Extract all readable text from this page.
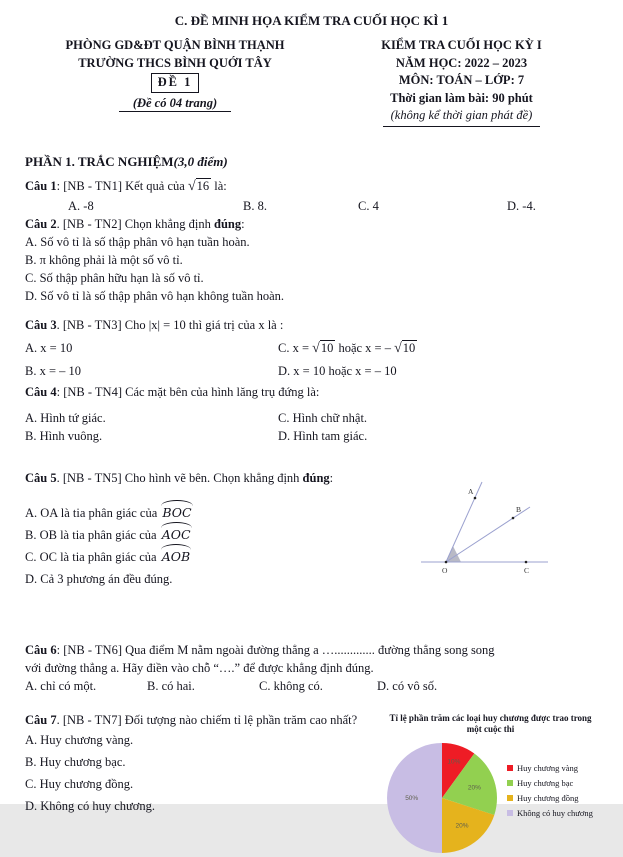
C. ĐỀ MINH HỌA KIỂM TRA CUỐI HỌC KÌ 1
PHÒNG GD&ĐT QUẬN BÌNH THẠNH
TRƯỜNG THCS BÌNH QUỚI TÂY
ĐỀ 1
(Đề có 04 trang)
KIỂM TRA CUỐI HỌC KỲ I
NĂM HỌC: 2022 – 2023
MÔN: TOÁN – LỚP: 7
Thời gian làm bài: 90 phút
(không kể thời gian phát đề)
PHẦN 1. TRẮC NGHIỆM(3,0 điểm)
Câu 1: [NB - TN1] Kết quả của √16 là:
A. -8	B. 8.	C. 4	D. -4.
Câu 2. [NB - TN2] Chọn khẳng định đúng:
A. Số vô tỉ là số thập phân vô hạn tuần hoàn.
B. π không phải là một số vô tỉ.
C. Số thập phân hữu hạn là số vô tỉ.
D. Số vô tỉ là số thập phân vô hạn không tuần hoàn.
Câu 3. [NB - TN3] Cho |x| = 10 thì giá trị của x là :
A. x = 10	C. x = √10 hoặc x = – √10
B. x = – 10	D. x = 10 hoặc x = – 10
Câu 4: [NB - TN4] Các mặt bên của hình lăng trụ đứng là:
A. Hình tứ giác.	C. Hình chữ nhật.
B. Hình vuông.	D. Hình tam giác.
Câu 5. [NB - TN5] Cho hình vẽ bên. Chọn khẳng định đúng:
A. OA là tia phân giác của BOC
B. OB là tia phân giác của AOC
C. OC là tia phân giác của AOB
D. Cả 3 phương án đều đúng.
A
B
O	C
Câu 6: [NB - TN6] Qua điểm M nằm ngoài đường thẳng a …............. đường thẳng song song
với đường thẳng a. Hãy điền vào chỗ “….” để được khẳng định đúng.
A. chỉ có một.	B. có hai.	C. không có.	D. có vô số.
Câu 7. [NB - TN7] Đối tượng nào chiếm tỉ lệ phần trăm cao nhất?
A. Huy chương vàng.
B. Huy chương bạc.
C. Huy chương đồng.
D. Không có huy chương.
Tỉ lệ phần trăm các loại huy chương được trao trong một cuộc thi
10%
20%
20%
50%
Huy chương vàng
Huy chương bạc
Huy chương đồng
Không có huy chương
